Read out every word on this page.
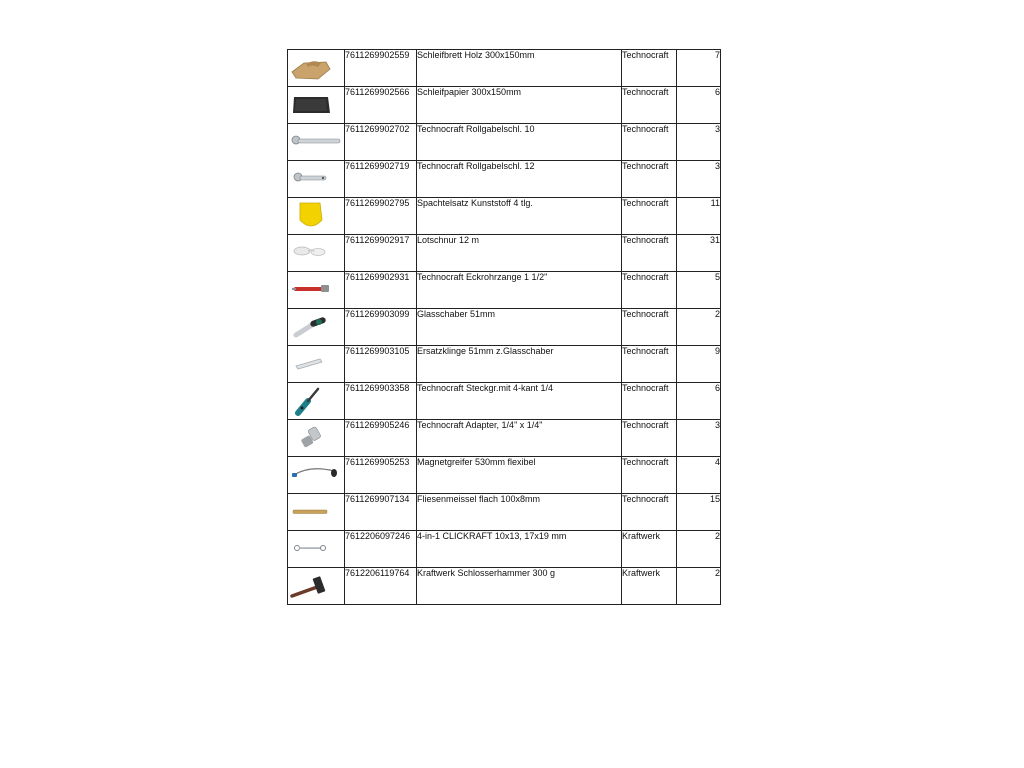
	7611269902559	Schleifbrett Holz 300x150mm	Technocraft	7

	7611269902566	Schleifpapier 300x150mm	Technocraft	6

	7611269902702	Technocraft Rollgabelschl. 10	Technocraft	3

	7611269902719	Technocraft Rollgabelschl. 12	Technocraft	3

	7611269902795	Spachtelsatz Kunststoff 4 tlg.	Technocraft	11

	7611269902917	Lotschnur 12 m	Technocraft	31

	7611269902931	Technocraft Eckrohrzange 1 1/2"	Technocraft	5

	7611269903099	Glasschaber 51mm	Technocraft	2

	7611269903105	Ersatzklinge 51mm z.Glasschaber	Technocraft	9

	7611269903358	Technocraft Steckgr.mit 4-kant 1/4	Technocraft	6

	7611269905246	Technocraft Adapter, 1/4" x 1/4"	Technocraft	3

	7611269905253	Magnetgreifer 530mm flexibel	Technocraft	4

	7611269907134	Fliesenmeissel flach 100x8mm	Technocraft	15

	7612206097246	4-in-1 CLICKRAFT 10x13, 17x19 mm	Kraftwerk	2

	7612206119764	Kraftwerk Schlosserhammer 300 g	Kraftwerk	2
